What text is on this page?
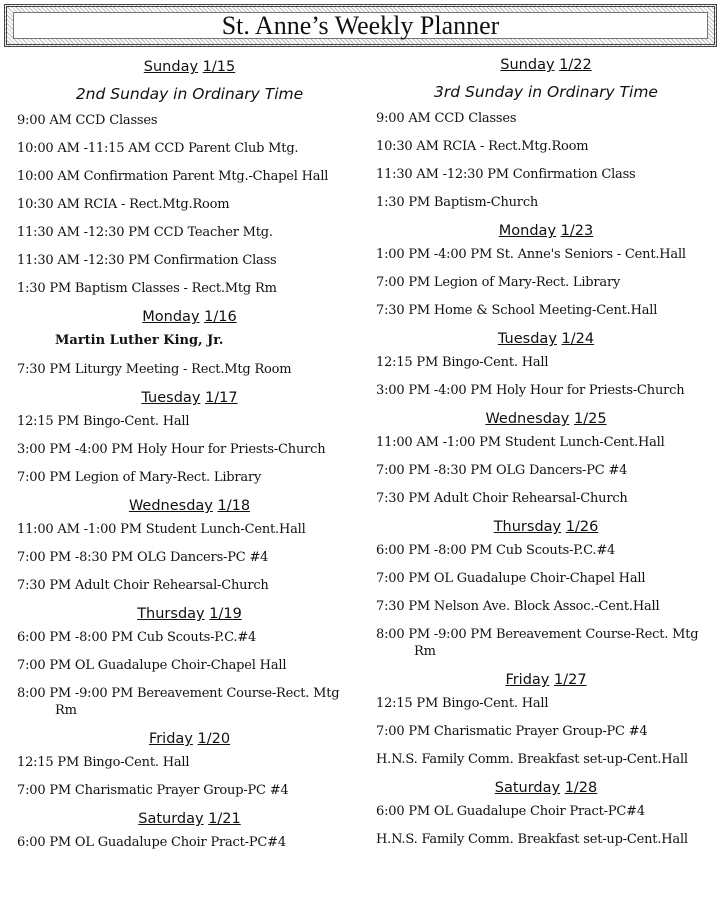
St. Anne’s Weekly Planner
Sunday 1/15
2nd Sunday in Ordinary Time
9:00 AM CCD Classes
10:00 AM -11:15 AM CCD Parent Club Mtg.
10:00 AM Confirmation Parent Mtg.-Chapel Hall
10:30 AM RCIA - Rect.Mtg.Room
11:30 AM -12:30 PM CCD Teacher Mtg.
11:30 AM -12:30 PM Confirmation Class
1:30 PM Baptism Classes - Rect.Mtg Rm
Monday 1/16
Martin Luther King, Jr.
7:30 PM Liturgy Meeting - Rect.Mtg Room
Tuesday 1/17
12:15 PM Bingo-Cent. Hall
3:00 PM -4:00 PM Holy Hour for Priests-Church
7:00 PM Legion of Mary-Rect. Library
Wednesday 1/18
11:00 AM -1:00 PM Student Lunch-Cent.Hall
7:00 PM -8:30 PM OLG Dancers-PC #4
7:30 PM Adult Choir Rehearsal-Church
Thursday 1/19
6:00 PM -8:00 PM Cub Scouts-P.C.#4
7:00 PM OL Guadalupe Choir-Chapel Hall
8:00 PM -9:00 PM Bereavement Course-Rect. Mtg Rm
Friday 1/20
12:15 PM Bingo-Cent. Hall
7:00 PM Charismatic Prayer Group-PC #4
Saturday 1/21
6:00 PM OL Guadalupe Choir Pract-PC#4
Sunday 1/22
3rd Sunday in Ordinary Time
9:00 AM CCD Classes
10:30 AM RCIA - Rect.Mtg.Room
11:30 AM -12:30 PM Confirmation Class
1:30 PM Baptism-Church
Monday 1/23
1:00 PM -4:00 PM St. Anne's Seniors - Cent.Hall
7:00 PM Legion of Mary-Rect. Library
7:30 PM Home & School Meeting-Cent.Hall
Tuesday 1/24
12:15 PM Bingo-Cent. Hall
3:00 PM -4:00 PM Holy Hour for Priests-Church
Wednesday 1/25
11:00 AM -1:00 PM Student Lunch-Cent.Hall
7:00 PM -8:30 PM OLG Dancers-PC #4
7:30 PM Adult Choir Rehearsal-Church
Thursday 1/26
6:00 PM -8:00 PM Cub Scouts-P.C.#4
7:00 PM OL Guadalupe Choir-Chapel Hall
7:30 PM Nelson Ave. Block Assoc.-Cent.Hall
8:00 PM -9:00 PM Bereavement Course-Rect. Mtg Rm
Friday 1/27
12:15 PM Bingo-Cent. Hall
7:00 PM Charismatic Prayer Group-PC #4
H.N.S. Family Comm. Breakfast set-up-Cent.Hall
Saturday 1/28
6:00 PM OL Guadalupe Choir Pract-PC#4
H.N.S. Family Comm. Breakfast set-up-Cent.Hall
